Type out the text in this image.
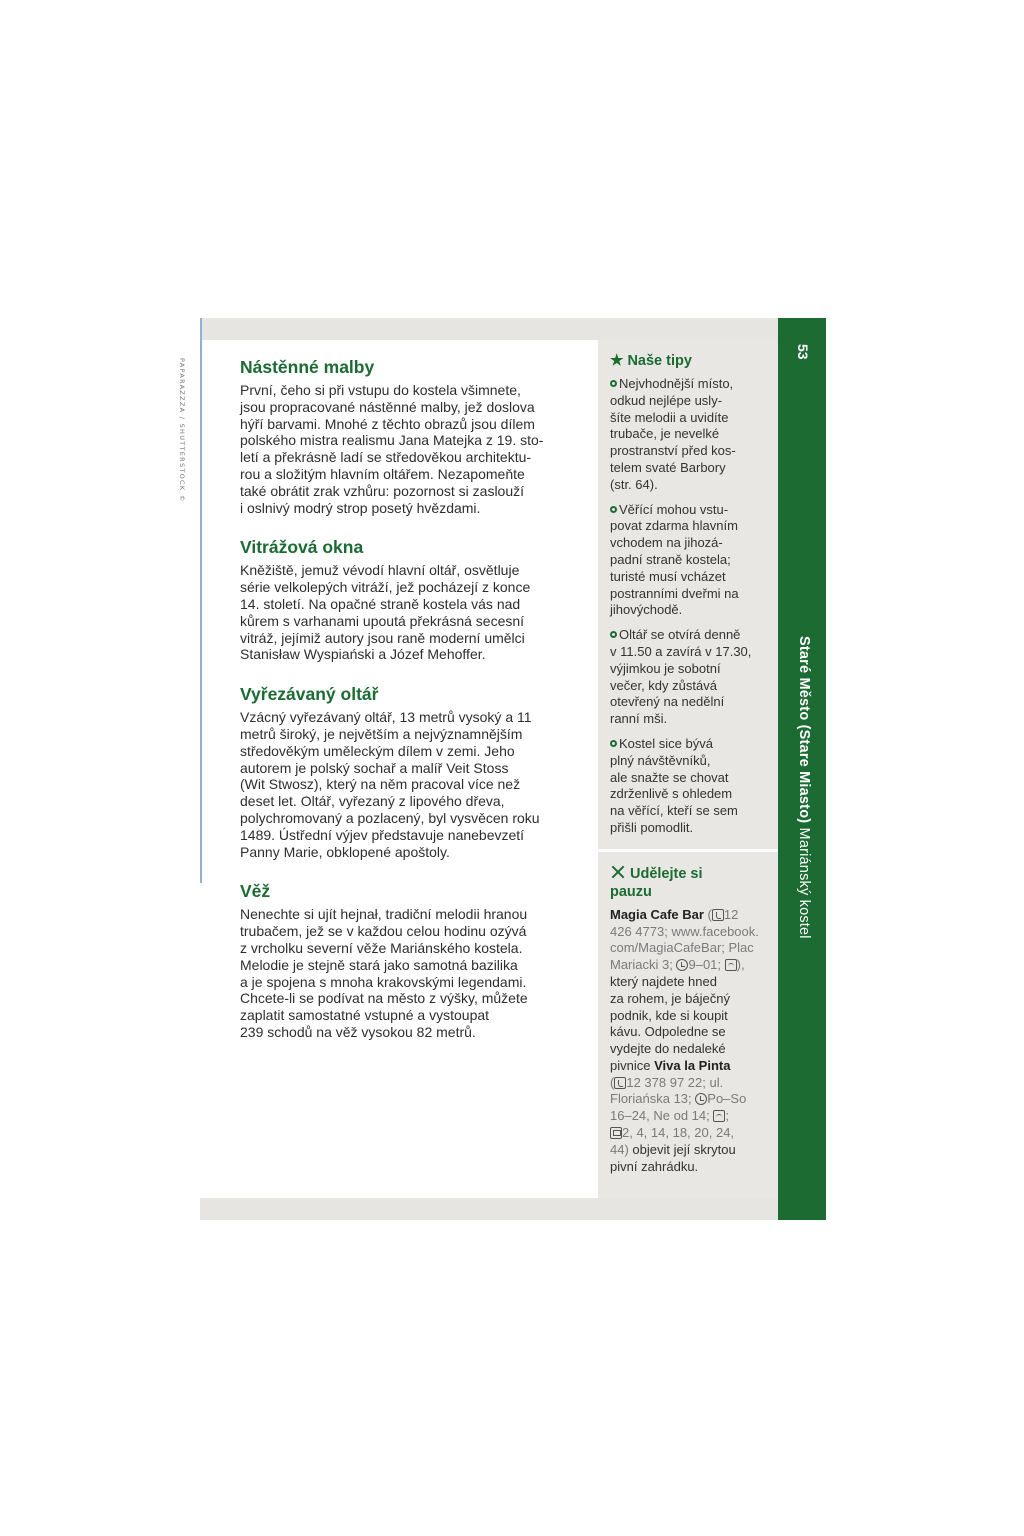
PAPARAZZZA / SHUTTERSTOCK ©	Nástěnné malby

První, čeho si při vstupu do kostela všimnete,
jsou propracované nástěnné malby, jež doslova
hýří barvami. Mnohé z těchto obrazů jsou dílem
polského mistra realismu Jana Matejka z 19. sto-
letí a překrásně ladí se středověkou architektu-
rou a složitým hlavním oltářem. Nezapomeňte
také obrátit zrak vzhůru: pozornost si zaslouží
i oslnivý modrý strop posetý hvězdami.

Vitrážová okna

Kněžiště, jemuž vévodí hlavní oltář, osvětluje
série velkolepých vitráží, jež pocházejí z konce
14. století. Na opačné straně kostela vás nad
kůrem s varhanami upoutá překrásná secesní
vitráž, jejímiž autory jsou raně moderní umělci
Stanisław Wyspiański a Józef Mehoffer.

Vyřezávaný oltář

Vzácný vyřezávaný oltář, 13 metrů vysoký a 11
metrů široký, je největším a nejvýznamnějším
středověkým uměleckým dílem v zemi. Jeho
autorem je polský sochař a malíř Veit Stoss
(Wit Stwosz), který na něm pracoval více než
deset let. Oltář, vyřezaný z lipového dřeva,
polychromovaný a pozlacený, byl vysvěcen roku
1489. Ústřední výjev představuje nanebevzetí
Panny Marie, obklopené apoštoly.

Věž

Nenechte si ujít hejnał, tradiční melodii hranou
trubačem, jež se v každou celou hodinu ozývá
z vrcholku severní věže Mariánského kostela.
Melodie je stejně stará jako samotná bazilika
a je spojena s mnoha krakovskými legendami.
Chcete-li se podívat na město z výšky, můžete
zaplatit samostatné vstupné a vystoupat
239 schodů na věž vysokou 82 metrů.

★ Naše tipy
Nejvhodnější místo,
odkud nejlépe usly-
šíte melodii a uvidíte
trubače, je nevelké
prostranství před kos-
telem svaté Barbory
(str. 64).
Věřící mohou vstu-
povat zdarma hlavním
vchodem na jihozá-
padní straně kostela;
turisté musí vcházet
postranními dveřmi na
jihovýchodě.
Oltář se otvírá denně
v 11.50 a zavírá v 17.30,
výjimkou je sobotní
večer, kdy zůstává
otevřený na nedělní
ranní mši.
Kostel sice bývá
plný návštěvníků,
ale snažte se chovat
zdrženlivě s ohledem
na věřící, kteří se sem
přišli pomodlit.
Udělejte si
pauzu

Magia Cafe Bar ( 12
426 4773; www.facebook.
com/MagiaCafeBar; Plac
Mariacki 3; 9–01; ),
který najdete hned
za rohem, je báječný
podnik, kde si koupit
kávu. Odpoledne se
vydejte do nedaleké
pivnice Viva la Pinta
( 12 378 97 22; ul.
Floriańska 13; Po–So
16–24, Ne od 14; ;
2, 4, 14, 18, 20, 24,
44) objevit její skrytou
pivní zahrádku.

53
Staré Město (Stare Miasto) Mariánský kostel
